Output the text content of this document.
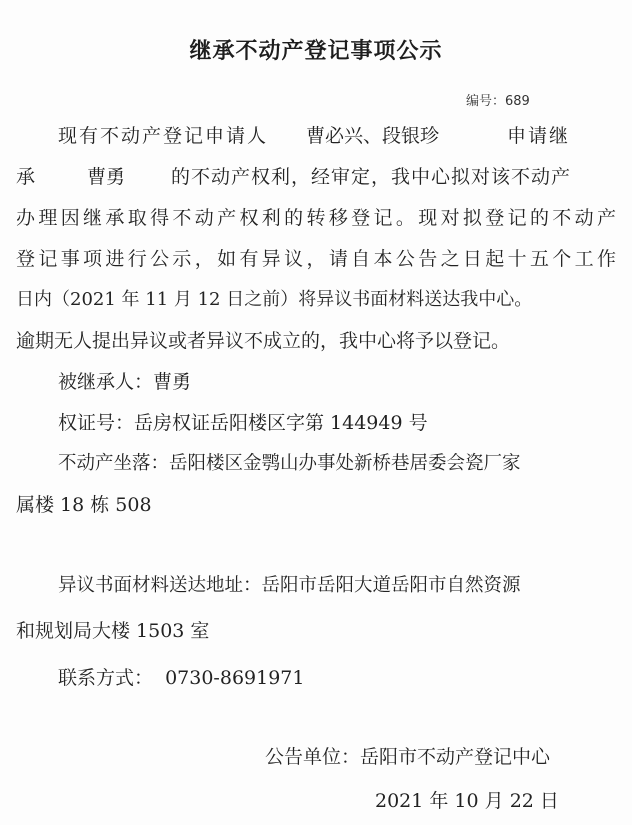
继承不动产登记事项公示
编号：689
现有不动产登记申请人 曹必兴、段银珍	申请继
承	曹勇 的不动产权利，经审定，我中心拟对该不动产
办理因继承取得不动产权利的转移登记。现对拟登记的不动产
登记事项进行公示，如有异议，请自本公告之日起十五个工作
日内（2021 年 11 月 12 日之前）将异议书面材料送达我中心。
逾期无人提出异议或者异议不成立的，我中心将予以登记。
被继承人：曹勇
权证号：岳房权证岳阳楼区字第 144949 号
不动产坐落：岳阳楼区金鹗山办事处新桥巷居委会瓷厂家
属楼 18 栋 508
异议书面材料送达地址：岳阳市岳阳大道岳阳市自然资源
和规划局大楼 1503 室
联系方式：  0730-8691971
公告单位：岳阳市不动产登记中心
2021 年 10 月 22 日
